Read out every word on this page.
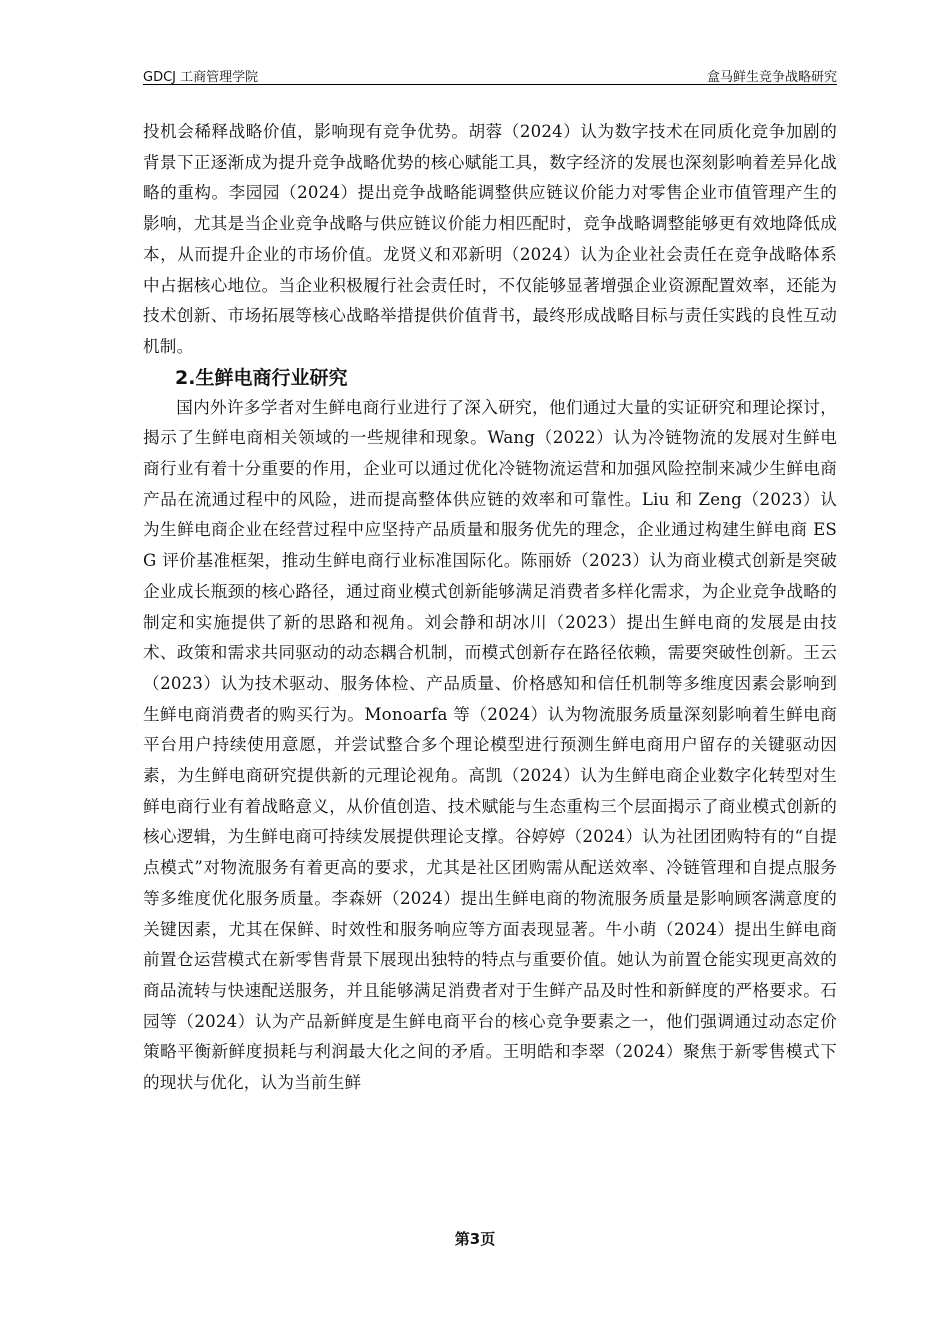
GDCJ 工商管理学院	盒马鲜生竞争战略研究

投机会稀释战略价值，影响现有竞争优势。胡蓉（2024）认为数字技术在同质化竞争加剧的背景下正逐渐成为提升竞争战略优势的核心赋能工具，数字经济的发展也深刻影响着差异化战略的重构。李园园（2024）提出竞争战略能调整供应链议价能力对零售企业市值管理产生的影响，尤其是当企业竞争战略与供应链议价能力相匹配时，竞争战略调整能够更有效地降低成本，从而提升企业的市场价值。龙贤义和邓新明（2024）认为企业社会责任在竞争战略体系中占据核心地位。当企业积极履行社会责任时，不仅能够显著增强企业资源配置效率，还能为技术创新、市场拓展等核心战略举措提供价值背书，最终形成战略目标与责任实践的良性互动机制。

2.生鲜电商行业研究

国内外许多学者对生鲜电商行业进行了深入研究，他们通过大量的实证研究和理论探讨，揭示了生鲜电商相关领域的一些规律和现象。Wang（2022）认为冷链物流的发展对生鲜电商行业有着十分重要的作用，企业可以通过优化冷链物流运营和加强风险控制来减少生鲜电商产品在流通过程中的风险，进而提高整体供应链的效率和可靠性。Liu 和 Zeng（2023）认为生鲜电商企业在经营过程中应坚持产品质量和服务优先的理念，企业通过构建生鲜电商 ESG 评价基准框架，推动生鲜电商行业标准国际化。陈丽娇（2023）认为商业模式创新是突破企业成长瓶颈的核心路径，通过商业模式创新能够满足消费者多样化需求，为企业竞争战略的制定和实施提供了新的思路和视角。刘会静和胡冰川（2023）提出生鲜电商的发展是由技术、政策和需求共同驱动的动态耦合机制，而模式创新存在路径依赖，需要突破性创新。王云（2023）认为技术驱动、服务体检、产品质量、价格感知和信任机制等多维度因素会影响到生鲜电商消费者的购买行为。Monoarfa 等（2024）认为物流服务质量深刻影响着生鲜电商平台用户持续使用意愿，并尝试整合多个理论模型进行预测生鲜电商用户留存的关键驱动因素，为生鲜电商研究提供新的元理论视角。高凯（2024）认为生鲜电商企业数字化转型对生鲜电商行业有着战略意义，从价值创造、技术赋能与生态重构三个层面揭示了商业模式创新的核心逻辑，为生鲜电商可持续发展提供理论支撑。谷婷婷（2024）认为社团团购特有的“自提点模式”对物流服务有着更高的要求，尤其是社区团购需从配送效率、冷链管理和自提点服务等多维度优化服务质量。李森妍（2024）提出生鲜电商的物流服务质量是影响顾客满意度的关键因素，尤其在保鲜、时效性和服务响应等方面表现显著。牛小萌（2024）提出生鲜电商前置仓运营模式在新零售背景下展现出独特的特点与重要价值。她认为前置仓能实现更高效的商品流转与快速配送服务，并且能够满足消费者对于生鲜产品及时性和新鲜度的严格要求。石园等（2024）认为产品新鲜度是生鲜电商平台的核心竞争要素之一，他们强调通过动态定价策略平衡新鲜度损耗与利润最大化之间的矛盾。王明皓和李翠（2024）聚焦于新零售模式下的现状与优化，认为当前生鲜

第3页
